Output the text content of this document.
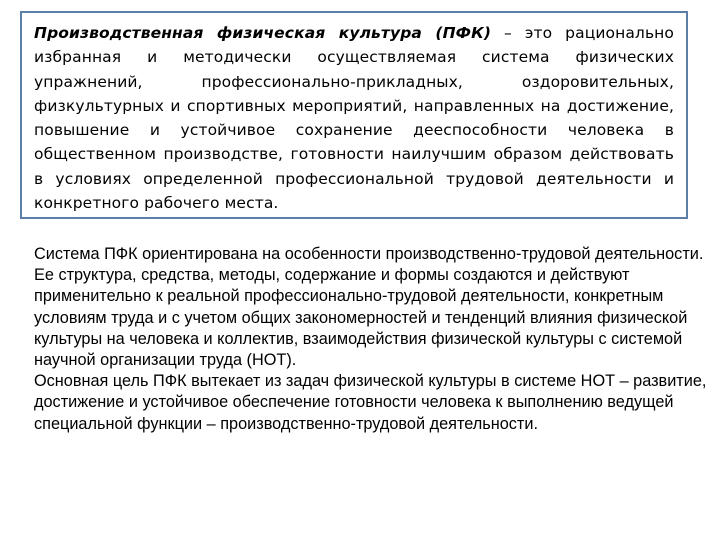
Производственная физическая культура (ПФК) – это рационально избранная и методически осуществляемая система физических упражнений, профессионально-прикладных, оздоровительных, физкультурных и спортивных мероприятий, направленных на достижение, повышение и устойчивое сохранение дееспособности человека в общественном производстве, готовности наилучшим образом действовать в условиях определенной профессиональной трудовой деятельности и конкретного рабочего места.

Система ПФК ориентирована на особенности производственно-трудовой деятельности. Ее структура, средства, методы, содержание и формы создаются и действуют применительно к реальной профессионально-трудовой деятельности, конкретным условиям труда и с учетом общих закономерностей и тенденций влияния физической культуры на человека и коллектив, взаимодействия физической культуры с системой научной организации труда (НОТ).

Основная цель ПФК вытекает из задач физической культуры в системе НОТ – развитие, достижение и устойчивое обеспечение готовности человека к выполнению ведущей специальной функции – производственно-трудовой деятельности.
